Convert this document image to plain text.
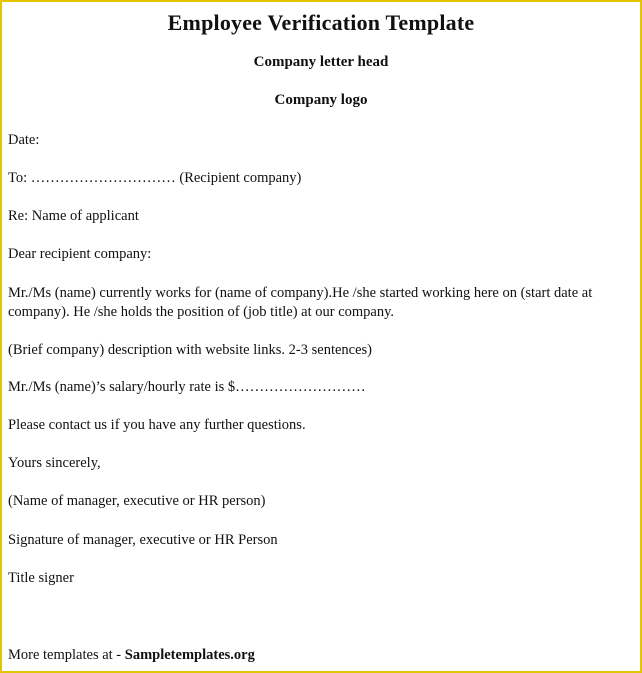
Employee Verification Template
Company letter head
Company logo
Date:
To: ………………………… (Recipient company)
Re: Name of applicant
Dear recipient company:
Mr./Ms (name) currently works for (name of company).He /she started working here on (start date at
company). He /she holds the position of (job title) at our company.
(Brief company) description with website links. 2-3 sentences)
Mr./Ms (name)’s salary/hourly rate is $………………………
Please contact us if you have any further questions.
Yours sincerely,
(Name of manager, executive or HR person)
Signature of manager, executive or HR Person
Title signer
More templates at - Sampletemplates.org
